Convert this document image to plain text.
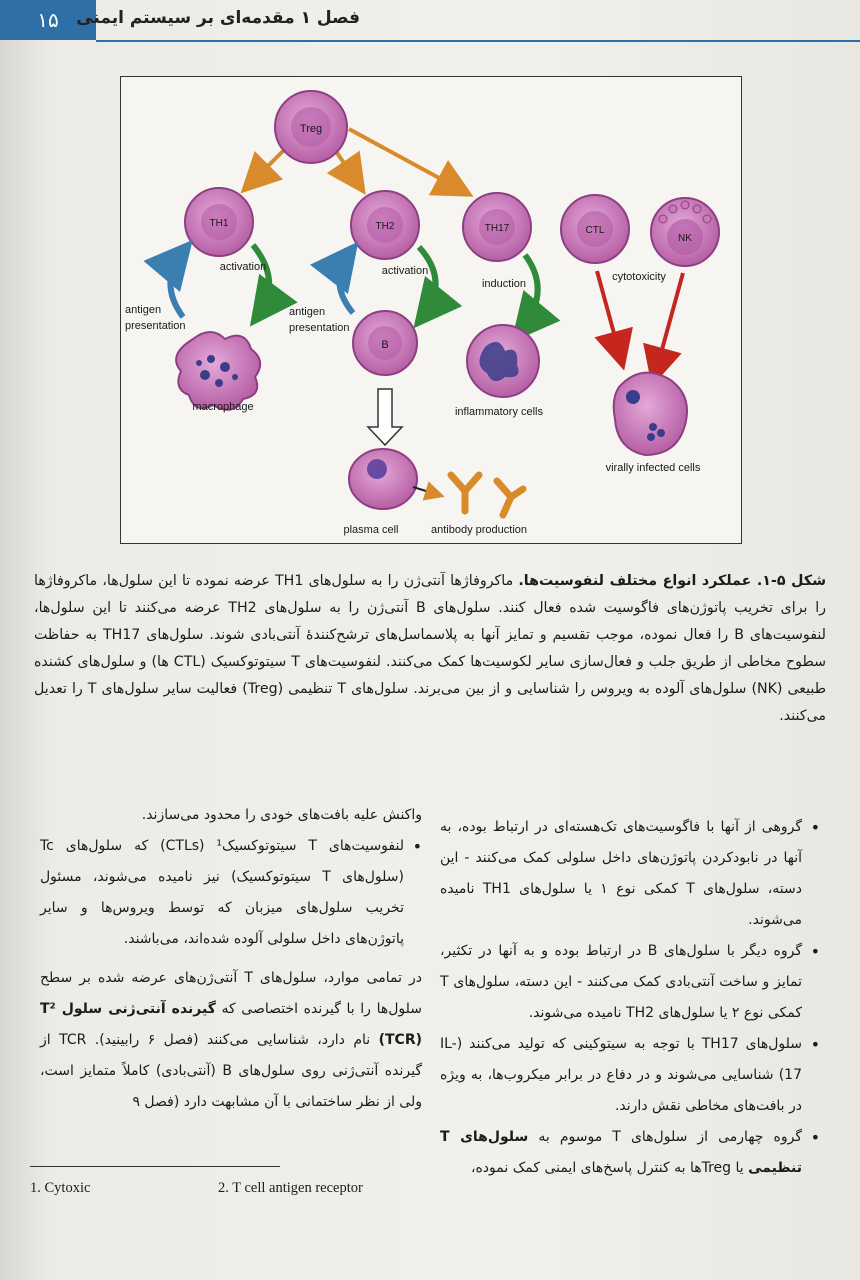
۱۵	فصل ۱ مقدمه‌ای بر سیستم ایمنی
Treg
TH1	TH2	TH17	CTL
NK
activation	activation
induction
cytotoxicity
antigen
presentation
antigen
presentation
macrophage
B
plasma cell	antibody production
inflammatory cells
virally infected cells
شکل ۵-۱. عملکرد انواع مختلف لنفوسیت‌ها. ماکروفاژها آنتی‌ژن را به سلول‌های TH1 عرضه نموده تا این سلول‌ها، ماکروفاژها را برای تخریب پاتوژن‌های فاگوسیت شده فعال کنند. سلول‌های B آنتی‌ژن را به سلول‌های TH2 عرضه می‌کنند تا این سلول‌ها، لنفوسیت‌های B را فعال نموده، موجب تقسیم و تمایز آنها به پلاسماسل‌های ترشح‌کنندهٔ آنتی‌بادی شوند. سلول‌های TH17 به حفاظت سطوح مخاطی از طریق جلب و فعال‌سازی سایر لکوسیت‌ها کمک می‌کنند. لنفوسیت‌های T سیتوتوکسیک (CTL ها) و سلول‌های کشنده طبیعی (NK) سلول‌های آلوده به ویروس را شناسایی و از بین می‌برند. سلول‌های T تنظیمی (Treg) فعالیت سایر سلول‌های T را تعدیل می‌کنند.
• گروهی از آنها با فاگوسیت‌های تک‌هسته‌ای در ارتباط بوده، به آنها در نابودکردن پاتوژن‌های داخل سلولی کمک می‌کنند - این دسته، سلول‌های T کمکی نوع ۱ یا سلول‌های TH1 نامیده می‌شوند.
• گروه دیگر با سلول‌های B در ارتباط بوده و به آنها در تکثیر، تمایز و ساخت آنتی‌بادی کمک می‌کنند - این دسته، سلول‌های T کمکی نوع ۲ یا سلول‌های TH2 نامیده می‌شوند.
• سلول‌های TH17 با توجه به سیتوکینی که تولید می‌کنند (IL-17) شناسایی می‌شوند و در دفاع در برابر میکروب‌ها، به ویژه در بافت‌های مخاطی نقش دارند.
• گروه چهارمی از سلول‌های T موسوم به سلول‌های T تنظیمی یا Tregها به کنترل پاسخ‌های ایمنی کمک نموده،
واکنش علیه بافت‌های خودی را محدود می‌سازند.
• لنفوسیت‌های T سیتوتوکسیک¹ (CTLs) که سلول‌های Tc (سلول‌های T سیتوتوکسیک) نیز نامیده می‌شوند، مسئول تخریب سلول‌های میزبان که توسط ویروس‌ها و سایر پاتوژن‌های داخل سلولی آلوده شده‌اند، می‌باشند.
در تمامی موارد، سلول‌های T آنتی‌ژن‌های عرضه شده بر سطح سلول‌ها را با گیرنده اختصاصی که گیرنده آنتی‌ژنی سلول T² (TCR) نام دارد، شناسایی می‌کنند (فصل ۶ رابینید). TCR از گیرنده آنتی‌ژنی روی سلول‌های B (آنتی‌بادی) کاملاً متمایز است، ولی از نظر ساختمانی با آن مشابهت دارد (فصل ۹
1. Cytoxic	2. T cell antigen receptor
